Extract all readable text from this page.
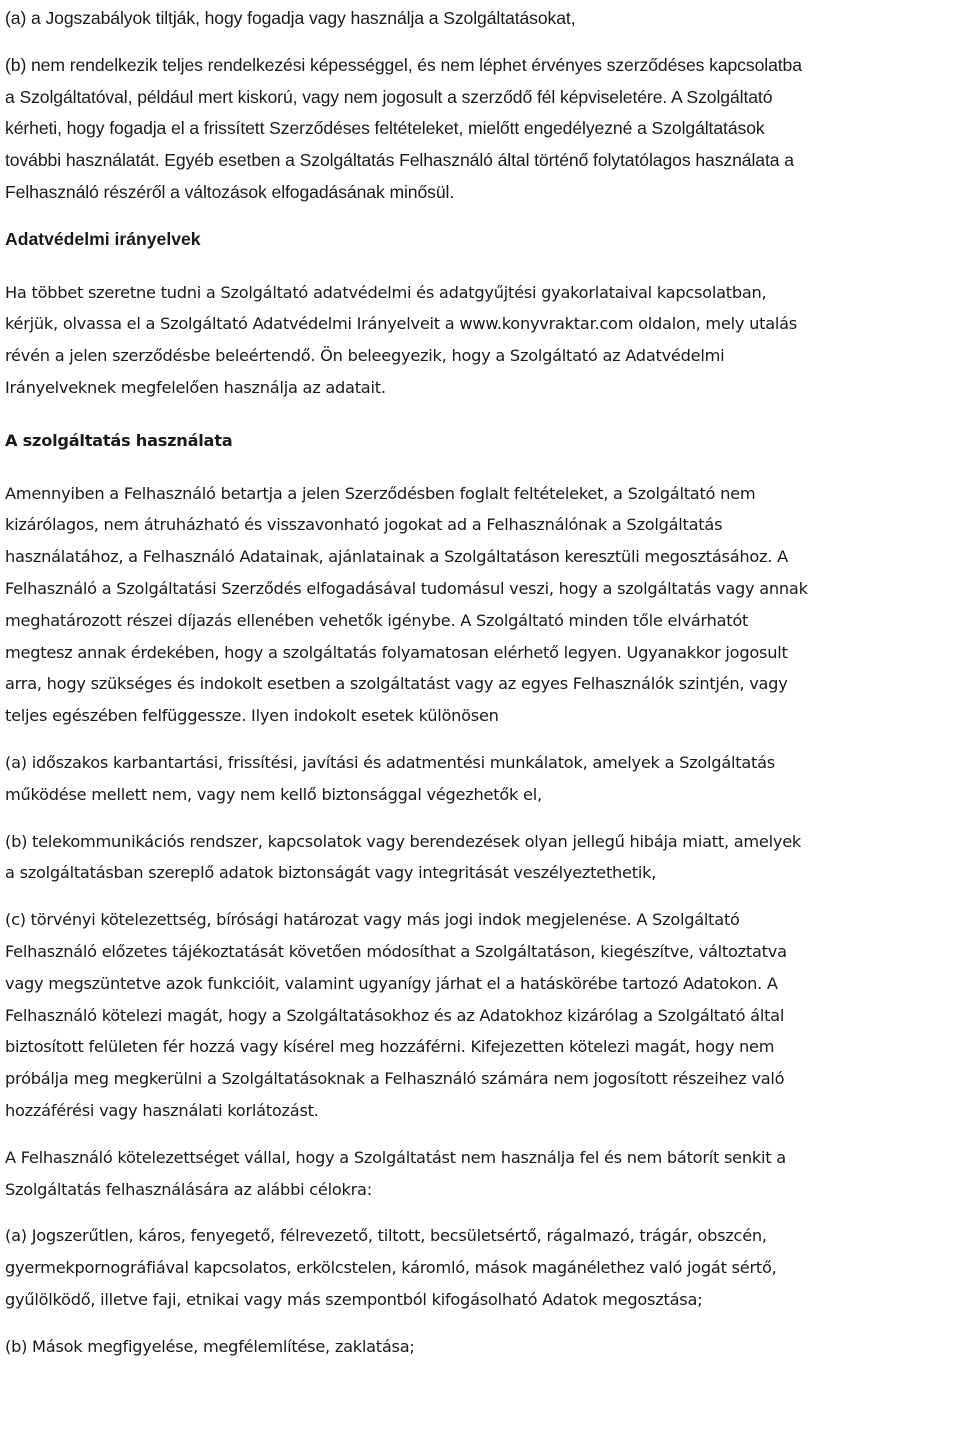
(a) a Jogszabályok tiltják, hogy fogadja vagy használja a Szolgáltatásokat,

(b) nem rendelkezik teljes rendelkezési képességgel, és nem léphet érvényes szerződéses kapcsolatba
a Szolgáltatóval, például mert kiskorú, vagy nem jogosult a szerződő fél képviseletére. A Szolgáltató
kérheti, hogy fogadja el a frissített Szerződéses feltételeket, mielőtt engedélyezné a Szolgáltatások
további használatát. Egyéb esetben a Szolgáltatás Felhasználó által történő folytatólagos használata a
Felhasználó részéről a változások elfogadásának minősül.

Adatvédelmi irányelvek

Ha többet szeretne tudni a Szolgáltató adatvédelmi és adatgyűjtési gyakorlataival kapcsolatban,
kérjük, olvassa el a Szolgáltató Adatvédelmi Irányelveit a www.konyvraktar.com oldalon, mely utalás
révén a jelen szerződésbe beleértendő. Ön beleegyezik, hogy a Szolgáltató az Adatvédelmi
Irányelveknek megfelelően használja az adatait.

A szolgáltatás használata

Amennyiben a Felhasználó betartja a jelen Szerződésben foglalt feltételeket, a Szolgáltató nem
kizárólagos, nem átruházható és visszavonható jogokat ad a Felhasználónak a Szolgáltatás
használatához, a Felhasználó Adatainak, ajánlatainak a Szolgáltatáson keresztüli megosztásához. A
Felhasználó a Szolgáltatási Szerződés elfogadásával tudomásul veszi, hogy a szolgáltatás vagy annak
meghatározott részei díjazás ellenében vehetők igénybe. A Szolgáltató minden tőle elvárhatót
megtesz annak érdekében, hogy a szolgáltatás folyamatosan elérhető legyen. Ugyanakkor jogosult
arra, hogy szükséges és indokolt esetben a szolgáltatást vagy az egyes Felhasználók szintjén, vagy
teljes egészében felfüggessze. Ilyen indokolt esetek különösen

(a) időszakos karbantartási, frissítési, javítási és adatmentési munkálatok, amelyek a Szolgáltatás
működése mellett nem, vagy nem kellő biztonsággal végezhetők el,

(b) telekommunikációs rendszer, kapcsolatok vagy berendezések olyan jellegű hibája miatt, amelyek
a szolgáltatásban szereplő adatok biztonságát vagy integritását veszélyeztethetik,

(c) törvényi kötelezettség, bírósági határozat vagy más jogi indok megjelenése. A Szolgáltató
Felhasználó előzetes tájékoztatását követően módosíthat a Szolgáltatáson, kiegészítve, változtatva
vagy megszüntetve azok funkcióit, valamint ugyanígy járhat el a hatáskörébe tartozó Adatokon. A
Felhasználó kötelezi magát, hogy a Szolgáltatásokhoz és az Adatokhoz kizárólag a Szolgáltató által
biztosított felületen fér hozzá vagy kísérel meg hozzáférni. Kifejezetten kötelezi magát, hogy nem
próbálja meg megkerülni a Szolgáltatásoknak a Felhasználó számára nem jogosított részeihez való
hozzáférési vagy használati korlátozást.

A Felhasználó kötelezettséget vállal, hogy a Szolgáltatást nem használja fel és nem bátorít senkit a
Szolgáltatás felhasználására az alábbi célokra:

(a) Jogszerűtlen, káros, fenyegető, félrevezető, tiltott, becsületsértő, rágalmazó, trágár, obszcén,
gyermekpornográfiával kapcsolatos, erkölcstelen, káromló, mások magánélethez való jogát sértő,
gyűlölködő, illetve faji, etnikai vagy más szempontból kifogásolható Adatok megosztása;

(b) Mások megfigyelése, megfélemlítése, zaklatása;
